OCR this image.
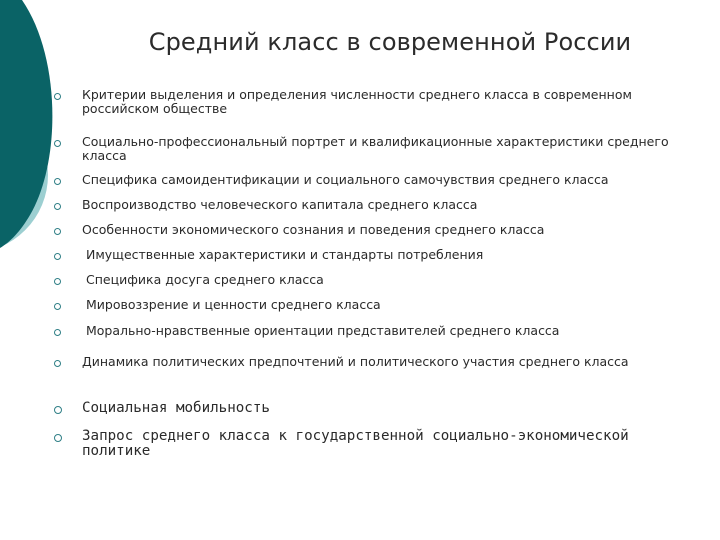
Средний класс в современной России
Критерии выделения и определения численности среднего класса в современном российском обществе
Социально-профессиональный портрет и квалификационные характеристики среднего класса
Специфика самоидентификации и социального самочувствия среднего класса
Воспроизводство человеческого капитала среднего класса
Особенности экономического сознания и поведения среднего класса
Имущественные характеристики и стандарты потребления
Специфика досуга среднего класса
Мировоззрение и ценности среднего класса
Морально-нравственные ориентации представителей среднего класса
Динамика политических предпочтений и политического участия среднего класса
Социальная мобильность
Запрос среднего класса к государственной социально-экономической политике
